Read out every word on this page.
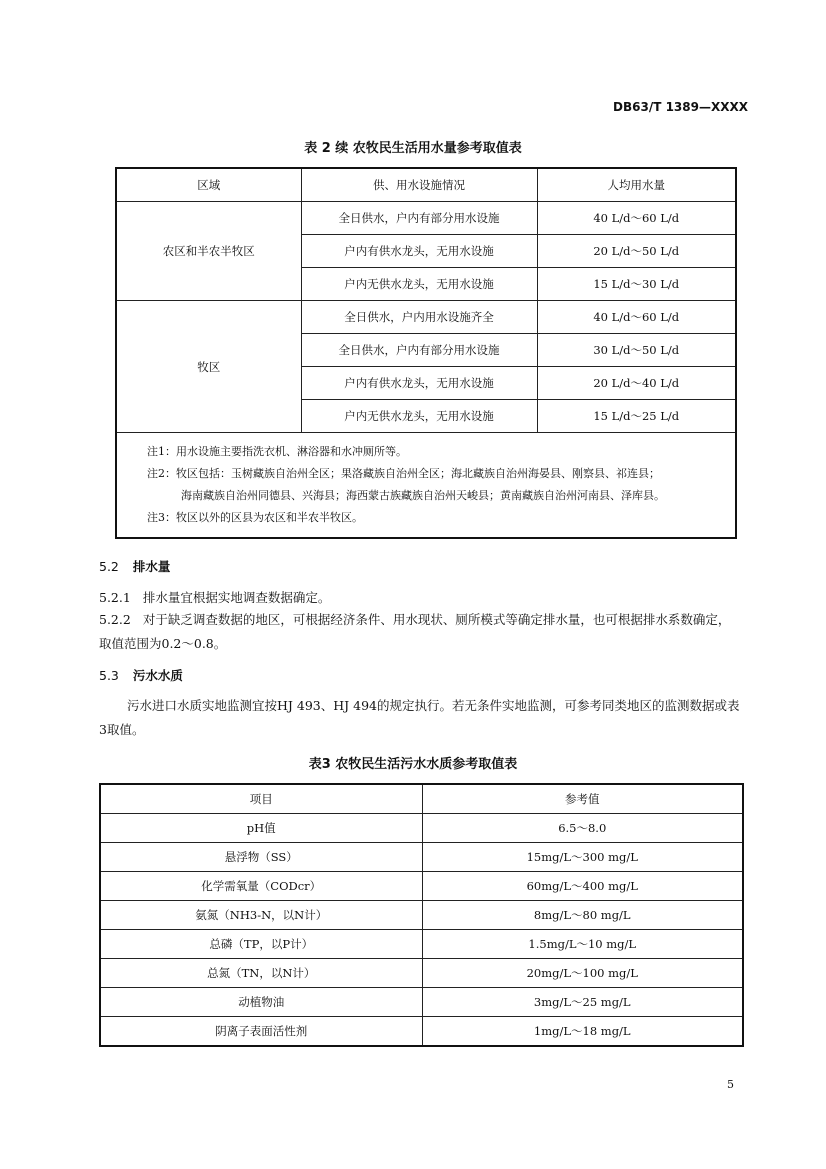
DB63/T 1389—XXXX
表 2 续 农牧民生活用水量参考取值表
区域	供、用水设施情况	人均用水量
农区和半农半牧区	全日供水，户内有部分用水设施	40 L/d～60 L/d
	户内有供水龙头，无用水设施	20 L/d～50 L/d
	户内无供水龙头，无用水设施	15 L/d～30 L/d
牧区	全日供水，户内用水设施齐全	40 L/d～60 L/d
	全日供水，户内有部分用水设施	30 L/d～50 L/d
	户内有供水龙头，无用水设施	20 L/d～40 L/d
	户内无供水龙头，无用水设施	15 L/d～25 L/d

注1：用水设施主要指洗衣机、淋浴器和水冲厕所等。
注2：牧区包括：玉树藏族自治州全区；果洛藏族自治州全区；海北藏族自治州海晏县、刚察县、祁连县；
海南藏族自治州同德县、兴海县；海西蒙古族藏族自治州天峻县；黄南藏族自治州河南县、泽库县。
注3：牧区以外的区县为农区和半农半牧区。		
5.2 排水量
5.2.1 排水量宜根据实地调查数据确定。
5.2.2 对于缺乏调查数据的地区，可根据经济条件、用水现状、厕所模式等确定排水量，也可根据排水系数确定，取值范围为0.2～0.8。
5.3 污水水质
污水进口水质实地监测宜按HJ 493、HJ 494的规定执行。若无条件实地监测，可参考同类地区的监测数据或表3取值。
表3 农牧民生活污水水质参考取值表
项目	参考值
pH值	6.5～8.0
悬浮物（SS）	15mg/L～300 mg/L
化学需氧量（CODcr）	60mg/L～400 mg/L
氨氮（NH3-N，以N计）	8mg/L～80 mg/L
总磷（TP，以P计）	1.5mg/L～10 mg/L
总氮（TN，以N计）	20mg/L～100 mg/L
动植物油	3mg/L～25 mg/L
阴离子表面活性剂	1mg/L～18 mg/L
5
